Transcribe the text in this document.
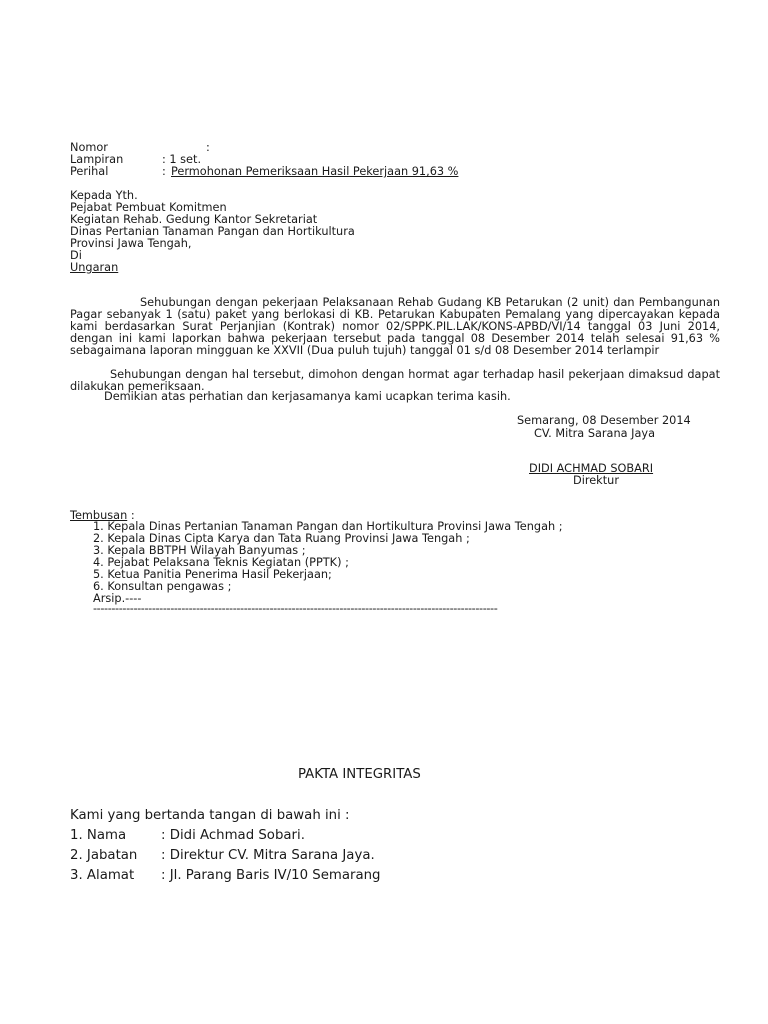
Nomor	:
Lampiran	: 1 set.
Perihal	: Permohonan Pemeriksaan Hasil Pekerjaan 91,63 %
Kepada Yth.
Pejabat Pembuat Komitmen
Kegiatan Rehab. Gedung Kantor Sekretariat
Dinas Pertanian Tanaman Pangan dan Hortikultura
Provinsi Jawa Tengah,
Di
Ungaran
Sehubungan dengan pekerjaan Pelaksanaan Rehab Gudang KB Petarukan (2 unit) dan Pembangunan Pagar sebanyak 1 (satu) paket yang berlokasi di KB. Petarukan Kabupaten Pemalang yang dipercayakan kepada kami berdasarkan Surat Perjanjian (Kontrak) nomor 02/SPPK.PIL.LAK/KONS-APBD/VI/14 tanggal 03 Juni 2014, dengan ini kami laporkan bahwa pekerjaan tersebut pada tanggal 08 Desember 2014 telah selesai 91,63 % sebagaimana laporan mingguan ke XXVII (Dua puluh tujuh) tanggal 01 s/d 08 Desember 2014 terlampir
Sehubungan dengan hal tersebut, dimohon dengan hormat agar terhadap hasil pekerjaan dimaksud dapat dilakukan pemeriksaan.
Demikian atas perhatian dan kerjasamanya kami ucapkan terima kasih.
Semarang, 08 Desember 2014
CV. Mitra Sarana Jaya
DIDI ACHMAD SOBARI
Direktur
Tembusan :
1. Kepala Dinas Pertanian Tanaman Pangan dan Hortikultura Provinsi Jawa Tengah ;
2. Kepala Dinas Cipta Karya dan Tata Ruang Provinsi Jawa Tengah ;
3. Kepala BBTPH Wilayah Banyumas ;
4. Pejabat Pelaksana Teknis Kegiatan (PPTK) ;
5. Ketua Panitia Penerima Hasil Pekerjaan;
6. Konsultan pengawas ;
Arsip.----
--------------------------------------------------------------------------------------------------------------
PAKTA INTEGRITAS
Kami yang bertanda tangan di bawah ini :
1. Nama	: Didi Achmad Sobari.
2. Jabatan : Direktur CV. Mitra Sarana Jaya.
3. Alamat : Jl. Parang Baris IV/10 Semarang
